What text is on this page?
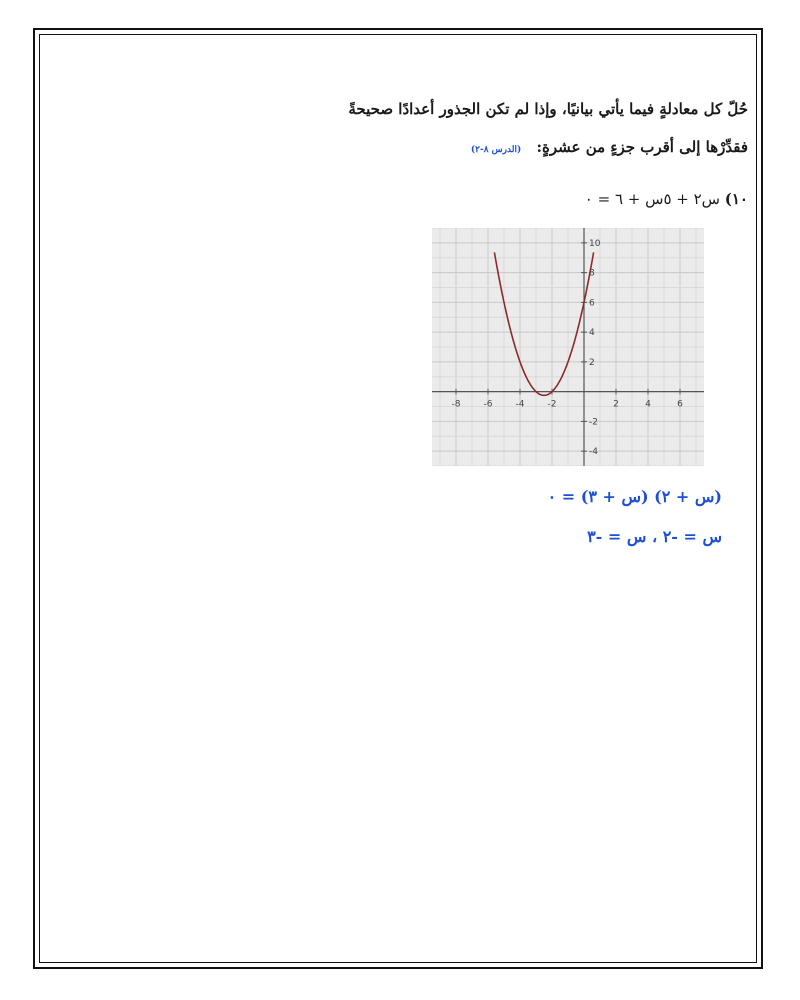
حُلّ كل معادلةٍ فيما يأتي بيانيًا، وإذا لم تكن الجذور أعدادًا صحيحةً
فقدِّرْها إلى أقرب جزءٍ من عشرةٍ: (الدرس ٨-٢)
١٠) س٢ + ٥س + ٦ = ٠
-8	-6	-4	-2	2	4	6
10
8
6
4
2
-2
-4
(س + ٢) (س + ٣) = ٠
س = -٢ ، س = -٣
